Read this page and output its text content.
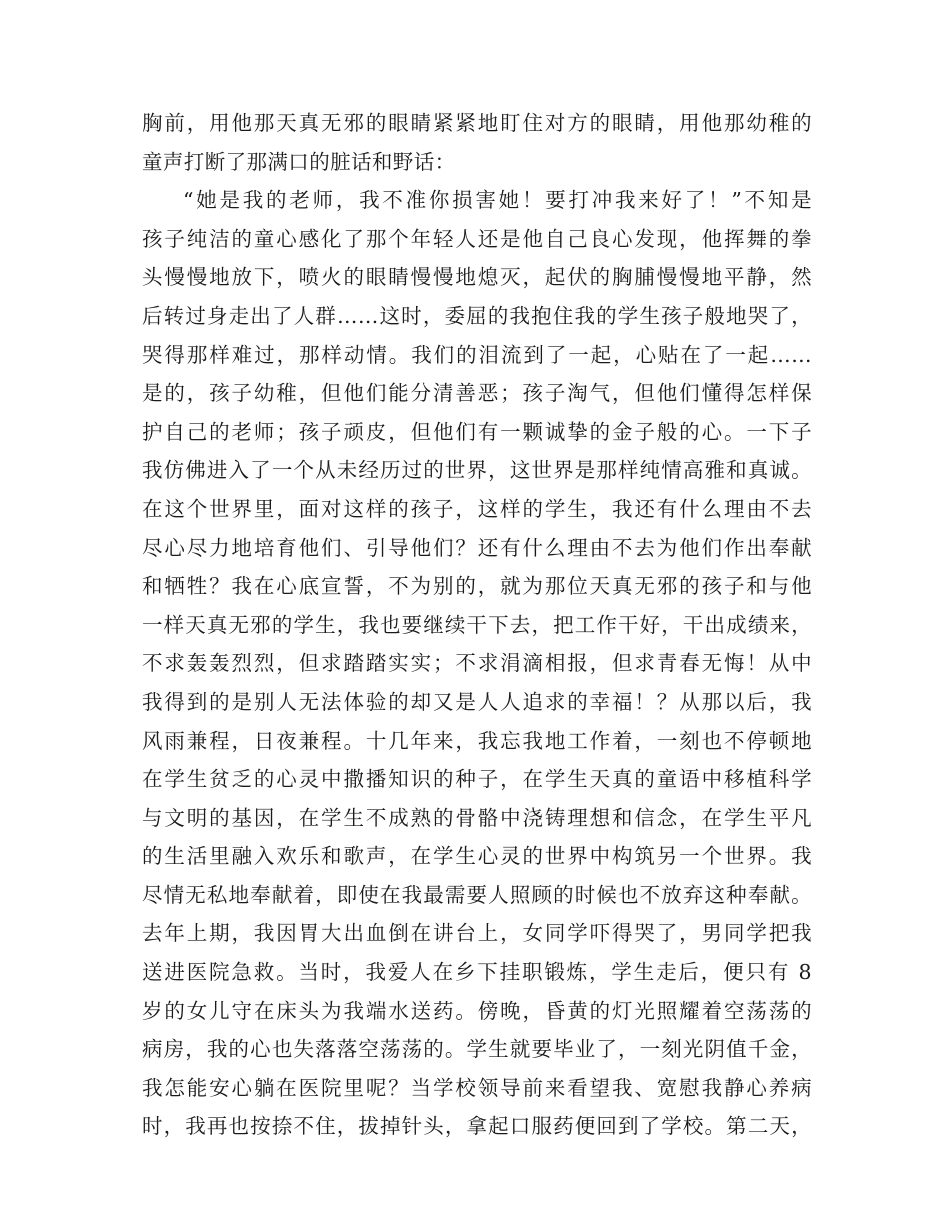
胸前，用他那天真无邪的眼睛紧紧地盯住对方的眼睛，用他那幼稚的
童声打断了那满口的脏话和野话：
“她是我的老师，我不准你损害她！要打冲我来好了！”不知是
孩子纯洁的童心感化了那个年轻人还是他自己良心发现，他挥舞的拳
头慢慢地放下，喷火的眼睛慢慢地熄灭，起伏的胸脯慢慢地平静，然
后转过身走出了人群……这时，委屈的我抱住我的学生孩子般地哭了，
哭得那样难过，那样动情。我们的泪流到了一起，心贴在了一起……
是的，孩子幼稚，但他们能分清善恶；孩子淘气，但他们懂得怎样保
护自己的老师；孩子顽皮，但他们有一颗诚挚的金子般的心。一下子
我仿佛进入了一个从未经历过的世界，这世界是那样纯情高雅和真诚。
在这个世界里，面对这样的孩子，这样的学生，我还有什么理由不去
尽心尽力地培育他们、引导他们？还有什么理由不去为他们作出奉献
和牺牲？我在心底宣誓，不为别的，就为那位天真无邪的孩子和与他
一样天真无邪的学生，我也要继续干下去，把工作干好，干出成绩来，
不求轰轰烈烈，但求踏踏实实；不求涓滴相报，但求青春无悔！从中
我得到的是别人无法体验的却又是人人追求的幸福！？从那以后，我
风雨兼程，日夜兼程。十几年来，我忘我地工作着，一刻也不停顿地
在学生贫乏的心灵中撒播知识的种子，在学生天真的童语中移植科学
与文明的基因，在学生不成熟的骨骼中浇铸理想和信念，在学生平凡
的生活里融入欢乐和歌声，在学生心灵的世界中构筑另一个世界。我
尽情无私地奉献着，即使在我最需要人照顾的时候也不放弃这种奉献。
去年上期，我因胃大出血倒在讲台上，女同学吓得哭了，男同学把我
送进医院急救。当时，我爱人在乡下挂职锻炼，学生走后，便只有 8
岁的女儿守在床头为我端水送药。傍晚，昏黄的灯光照耀着空荡荡的
病房，我的心也失落落空荡荡的。学生就要毕业了，一刻光阴值千金，
我怎能安心躺在医院里呢？当学校领导前来看望我、宽慰我静心养病
时，我再也按捺不住，拔掉针头，拿起口服药便回到了学校。第二天，
